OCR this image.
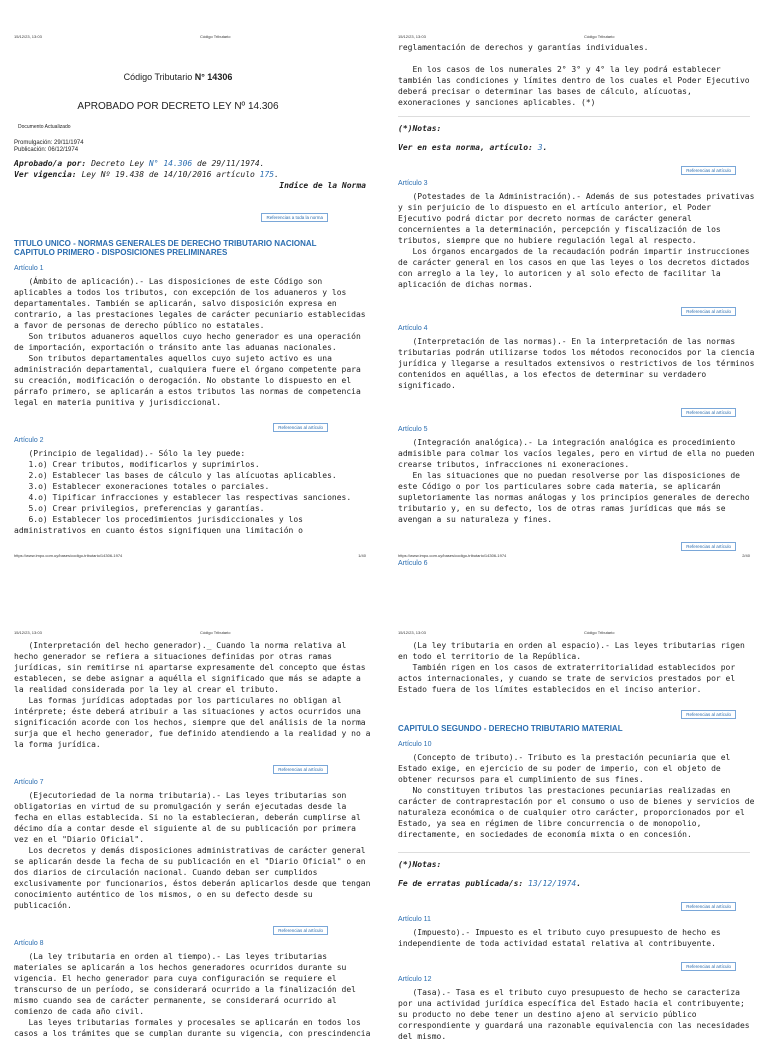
15/12/23, 13:03	Código Tributario
Código Tributario N° 14306
APROBADO POR DECRETO LEY Nº 14.306
Documento Actualizado
Promulgación: 29/11/1974
Publicación: 06/12/1974
Aprobado/a por: Decreto Ley N° 14.306 de 29/11/1974.
Ver vigencia: Ley Nº 19.438 de 14/10/2016 artículo 175.
Indice de la Norma
Referencias a toda la norma
TITULO UNICO - NORMAS GENERALES DE DERECHO TRIBUTARIO NACIONAL
CAPITULO PRIMERO - DISPOSICIONES PRELIMINARES
Artículo 1
(Ámbito de aplicación).- Las disposiciones de este Código son
aplicables a todos los tributos, con excepción de los aduaneros y los
departamentales. También se aplicarán, salvo disposición expresa en
contrario, a las prestaciones legales de carácter pecuniario establecidas
a favor de personas de derecho público no estatales.
Son tributos aduaneros aquellos cuyo hecho generador es una operación
de importación, exportación o tránsito ante las aduanas nacionales.
Son tributos departamentales aquellos cuyo sujeto activo es una
administración departamental, cualquiera fuere el órgano competente para
su creación, modificación o derogación. No obstante lo dispuesto en el
párrafo primero, se aplicarán a estos tributos las normas de competencia
legal en materia punitiva y jurisdiccional.
Referencias al artículo
Artículo 2
(Principio de legalidad).- Sólo la ley puede:
1.o) Crear tributos, modificarlos y suprimirlos.
2.o) Establecer las bases de cálculo y las alícuotas aplicables.
3.o) Establecer exoneraciones totales o parciales.
4.o) Tipificar infracciones y establecer las respectivas sanciones.
5.o) Crear privilegios, preferencias y garantías.
6.o) Establecer los procedimientos jurisdiccionales y los
administrativos en cuanto éstos signifiquen una limitación o
https://www.impo.com.uy/bases/codigo-tributario/14306-1974	1/40
15/12/23, 13:03	Código Tributario
reglamentación de derechos y garantías individuales.

En los casos de los numerales 2° 3° y 4° la ley podrá establecer
también las condiciones y límites dentro de los cuales el Poder Ejecutivo
deberá precisar o determinar las bases de cálculo, alícuotas,
exoneraciones y sanciones aplicables. (*)
(*)Notas:
Ver en esta norma, artículo: 3.
Referencias al artículo
Artículo 3
(Potestades de la Administración).- Además de sus potestades privativas
y sin perjuicio de lo dispuesto en el artículo anterior, el Poder
Ejecutivo podrá dictar por decreto normas de carácter general
concernientes a la determinación, percepción y fiscalización de los
tributos, siempre que no hubiere regulación legal al respecto.
Los órganos encargados de la recaudación podrán impartir instrucciones
de carácter general en los casos en que las leyes o los decretos dictados
con arreglo a la ley, lo autoricen y al solo efecto de facilitar la
aplicación de dichas normas.
Referencias al artículo
Artículo 4
(Interpretación de las normas).- En la interpretación de las normas
tributarias podrán utilizarse todos los métodos reconocidos por la ciencia
jurídica y llegarse a resultados extensivos o restrictivos de los términos
contenidos en aquéllas, a los efectos de determinar su verdadero
significado.
Referencias al artículo
Artículo 5
(Integración analógica).- La integración analógica es procedimiento
admisible para colmar los vacíos legales, pero en virtud de ella no pueden
crearse tributos, infracciones ni exoneraciones.
En las situaciones que no puedan resolverse por las disposiciones de
este Código o por los particulares sobre cada materia, se aplicarán
supletoriamente las normas análogas y los principios generales de derecho
tributario y, en su defecto, los de otras ramas jurídicas que más se
avengan a su naturaleza y fines.
Referencias al artículo
Artículo 6
https://www.impo.com.uy/bases/codigo-tributario/14306-1974	2/40
15/12/23, 13:03	Código Tributario
(Interpretación del hecho generador)._ Cuando la norma relativa al
hecho generador se refiera a situaciones definidas por otras ramas
jurídicas, sin remitirse ni apartarse expresamente del concepto que éstas
establecen, se debe asignar a aquélla el significado que más se adapte a
la realidad considerada por la ley al crear el tributo.
Las formas jurídicas adoptadas por los particulares no obligan al
intérprete; éste deberá atribuir a las situaciones y actos ocurridos una
significación acorde con los hechos, siempre que del análisis de la norma
surja que el hecho generador, fue definido atendiendo a la realidad y no a
la forma jurídica.
Referencias al artículo
Artículo 7
(Ejecutoriedad de la norma tributaria).- Las leyes tributarias son
obligatorias en virtud de su promulgación y serán ejecutadas desde la
fecha en ellas establecida. Si no la establecieran, deberán cumplirse al
décimo día a contar desde el siguiente al de su publicación por primera
vez en el "Diario Oficial".
Los decretos y demás disposiciones administrativas de carácter general
se aplicarán desde la fecha de su publicación en el "Diario Oficial" o en
dos diarios de circulación nacional. Cuando deban ser cumplidos
exclusivamente por funcionarios, éstos deberán aplicarlos desde que tengan
conocimiento auténtico de los mismos, o en su defecto desde su
publicación.
Referencias al artículo
Artículo 8
(La ley tributaria en orden al tiempo).- Las leyes tributarias
materiales se aplicarán a los hechos generadores ocurridos durante su
vigencia. El hecho generador para cuya configuración se requiere el
transcurso de un período, se considerará ocurrido a la finalización del
mismo cuando sea de carácter permanente, se considerará ocurrido al
comienzo de cada año civil.
Las leyes tributarias formales y procesales se aplicarán en todos los
casos a los trámites que se cumplan durante su vigencia, con prescindencia
15/12/23, 13:03	Código Tributario
(La ley tributaria en orden al espacio).- Las leyes tributarias rigen
en todo el territorio de la República.
También rigen en los casos de extraterritorialidad establecidos por
actos internacionales, y cuando se trate de servicios prestados por el
Estado fuera de los límites establecidos en el inciso anterior.
Referencias al artículo
CAPITULO SEGUNDO - DERECHO TRIBUTARIO MATERIAL
Artículo 10
(Concepto de tributo).- Tributo es la prestación pecuniaria que el
Estado exige, en ejercicio de su poder de imperio, con el objeto de
obtener recursos para el cumplimiento de sus fines.
No constituyen tributos las prestaciones pecuniarias realizadas en
carácter de contraprestación por el consumo o uso de bienes y servicios de
naturaleza económica o de cualquier otro carácter, proporcionados por el
Estado, ya sea en régimen de libre concurrencia o de monopolio,
directamente, en sociedades de economía mixta o en concesión.
(*)Notas:
Fe de erratas publicada/s: 13/12/1974.
Referencias al artículo
Artículo 11
(Impuesto).- Impuesto es el tributo cuyo presupuesto de hecho es
independiente de toda actividad estatal relativa al contribuyente.
Referencias al artículo
Artículo 12
(Tasa).- Tasa es el tributo cuyo presupuesto de hecho se caracteriza
por una actividad jurídica específica del Estado hacia el contribuyente;
su producto no debe tener un destino ajeno al servicio público
correspondiente y guardará una razonable equivalencia con las necesidades
del mismo.
